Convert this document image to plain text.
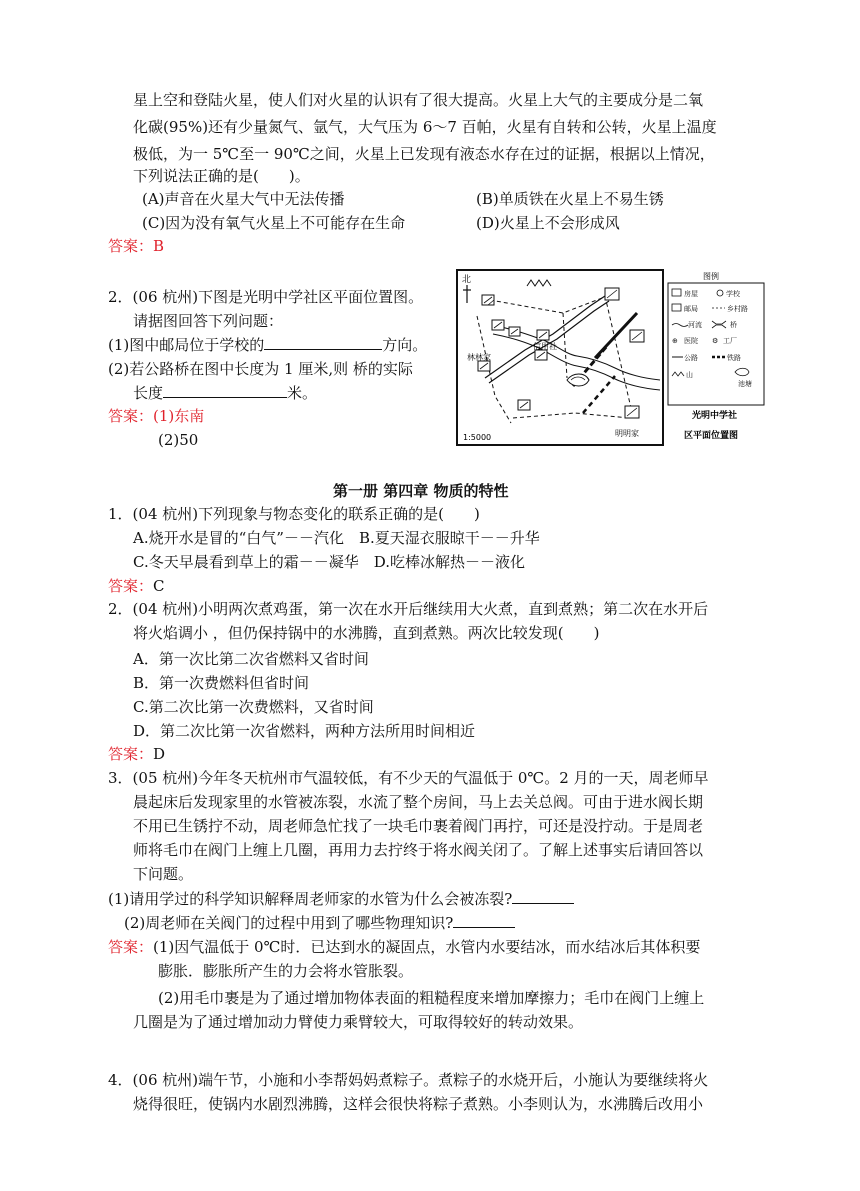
星上空和登陆火星，使人们对火星的认识有了很大提高。火星上大气的主要成分是二氧
化碳(95%)还有少量氮气、氩气，大气压为 6～7 百帕，火星有自转和公转，火星上温度
极低，为一 5℃至一 90℃之间，火星上已发现有液态水存在过的证据，根据以上情况，
下列说法正确的是(　　)。
(A)声音在火星大气中无法传播	(B)单质铁在火星上不易生锈
(C)因为没有氧气火星上不可能存在生命	(D)火星上不会形成风
答案：B
2．(06 杭州)下图是光明中学社区平面位置图。
请据图回答下列问题：
(1)图中邮局位于学校的	方向。
(2)若公路桥在图中长度为 1 厘米,则 桥的实际
长度	米。
答案：(1)东南
(2)50
北
信用社
林林家
明明家
1:5000
图例
房屋	学校
邮局	乡村路
河流	桥
⊕ 医院 ⚙ 工厂
公路	铁路
山
池塘
光明中学社
区平面位置图
第一册 第四章 物质的特性
1．(04 杭州)下列现象与物态变化的联系正确的是(　　)
A.烧开水是冒的“白气”－－汽化　B.夏天湿衣服晾干－－升华
C.冬天早晨看到草上的霜－－凝华　D.吃棒冰解热－－液化
答案：C
2．(04 杭州)小明两次煮鸡蛋，第一次在水开后继续用大火煮，直到煮熟；第二次在水开后
将火焰调小 ，但仍保持锅中的水沸腾，直到煮熟。两次比较发现(　　)
A．第一次比第二次省燃料又省时间
B．第一次费燃料但省时间
C.第二次比第一次费燃料，又省时间
D．第二次比第一次省燃料，两种方法所用时间相近
答案：D
3．(05 杭州)今年冬天杭州市气温较低，有不少天的气温低于 0℃。2 月的一天，周老师早
晨起床后发现家里的水管被冻裂，水流了整个房间，马上去关总阀。可由于进水阀长期
不用已生锈拧不动，周老师急忙找了一块毛巾裹着阀门再拧，可还是没拧动。于是周老
师将毛巾在阀门上缠上几圈，再用力去拧终于将水阀关闭了。了解上述事实后请回答以
下问题。
(1)请用学过的科学知识解释周老师家的水管为什么会被冻裂?
(2)周老师在关阀门的过程中用到了哪些物理知识?
答案：(1)因气温低于 0℃时．已达到水的凝固点，水管内水要结冰，而水结冰后其体积要
膨胀．膨胀所产生的力会将水管胀裂。
(2)用毛巾裹是为了通过增加物体表面的粗糙程度来增加摩擦力；毛巾在阀门上缠上
几圈是为了通过增加动力臂使力乘臂较大，可取得较好的转动效果。
4．(06 杭州)端午节，小施和小李帮妈妈煮粽子。煮粽子的水烧开后，小施认为要继续将火
烧得很旺，使锅内水剧烈沸腾，这样会很快将粽子煮熟。小李则认为，水沸腾后改用小
